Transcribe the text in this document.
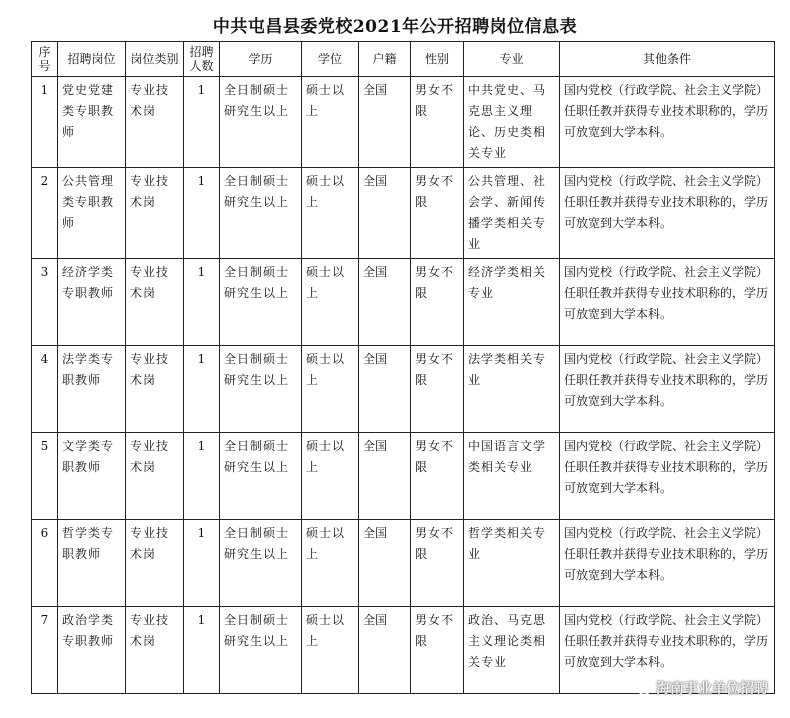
中共屯昌县委党校2021年公开招聘岗位信息表
序号	招聘岗位	岗位类别	招聘人数	学历	学位	户籍	性别	专业	其他条件
1	党史党建类专职教师	专业技术岗	1	全日制硕士研究生以上	硕士以上	全国	男女不限	中共党史、马克思主义理论、历史类相关专业	国内党校（行政学院、社会主义学院）任职任教并获得专业技术职称的，学历可放宽到大学本科。
2	公共管理类专职教师	专业技术岗	1	全日制硕士研究生以上	硕士以上	全国	男女不限	公共管理、社会学、新闻传播学类相关专业	国内党校（行政学院、社会主义学院）任职任教并获得专业技术职称的，学历可放宽到大学本科。
3	经济学类专职教师	专业技术岗	1	全日制硕士研究生以上	硕士以上	全国	男女不限	经济学类相关专业	国内党校（行政学院、社会主义学院）任职任教并获得专业技术职称的，学历可放宽到大学本科。
4	法学类专职教师	专业技术岗	1	全日制硕士研究生以上	硕士以上	全国	男女不限	法学类相关专业	国内党校（行政学院、社会主义学院）任职任教并获得专业技术职称的，学历可放宽到大学本科。
5	文学类专职教师	专业技术岗	1	全日制硕士研究生以上	硕士以上	全国	男女不限	中国语言文学类相关专业	国内党校（行政学院、社会主义学院）任职任教并获得专业技术职称的，学历可放宽到大学本科。
6	哲学类专职教师	专业技术岗	1	全日制硕士研究生以上	硕士以上	全国	男女不限	哲学类相关专业	国内党校（行政学院、社会主义学院）任职任教并获得专业技术职称的，学历可放宽到大学本科。
7	政治学类专职教师	专业技术岗	1	全日制硕士研究生以上	硕士以上	全国	男女不限	政治、马克思主义理论类相关专业	国内党校（行政学院、社会主义学院）任职任教并获得专业技术职称的，学历可放宽到大学本科。
海南事业单位招聘
